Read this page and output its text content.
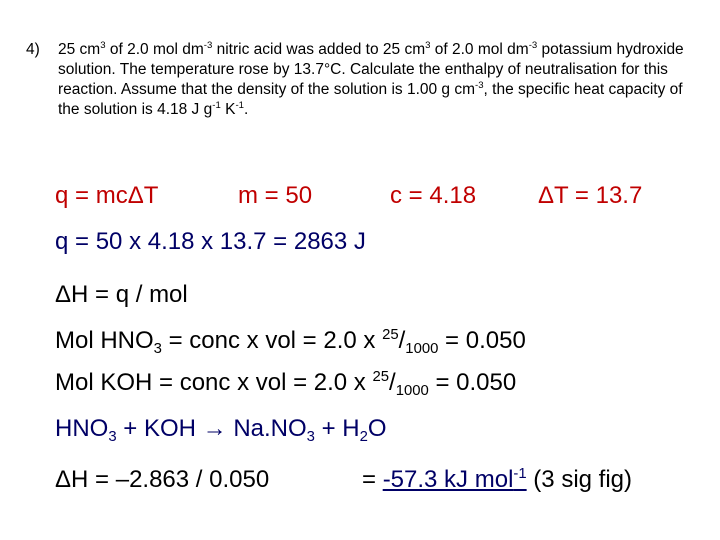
4) 25 $cm^3$ of 2.0 mol $dm^{-3}$ nitric acid was added to 25 $cm^3$ of 2.0 mol $dm^{-3}$ potassium hydroxide solution. The temperature rose by 13.7°C. Calculate the enthalpy of neutralisation for this reaction. Assume that the density of the solution is 1.00 g $cm^{-3}$, the specific heat capacity of the solution is 4.18 J $g^{-1}$ $K^{-1}$.
q = mcΔT	m = 50	c = 4.18	ΔT = 13.7
q = 50 x 4.18 x 13.7 = 2863 J
ΔH = q / mol
Mol $HNO_3$ = conc x vol = 2.0 x $^{25}/_{1000} = 0.050$
Mol KOH = conc x vol = 2.0 x $^{25}/_{1000} = 0.050$
$HNO_3$ + KOH → $Na.NO_3 + H_2O$
ΔH = –2.863 / 0.050	= -57.3 kJ mol$^{-1}$ (3 sig fig)
